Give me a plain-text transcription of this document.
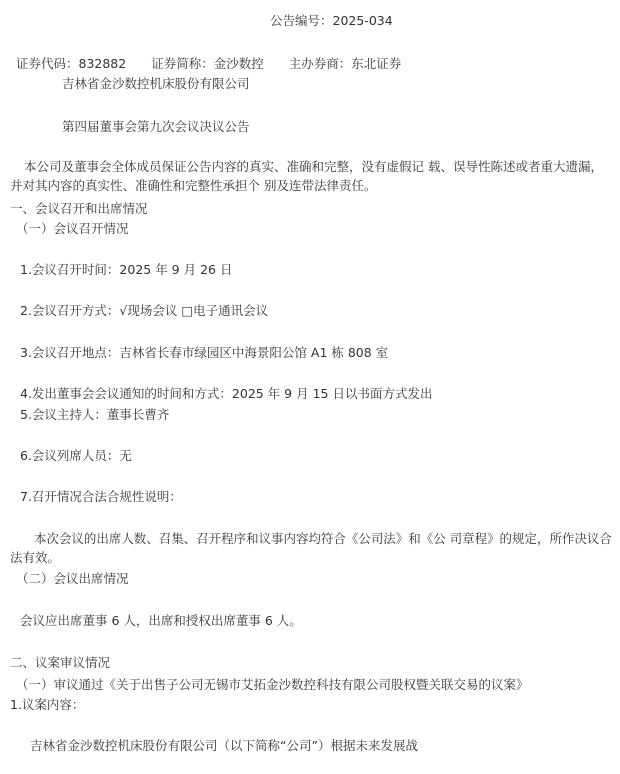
公告编号：2025-034
证券代码：832882　　证券简称：金沙数控　　主办券商：东北证券
吉林省金沙数控机床股份有限公司
第四届董事会第九次会议决议公告
本公司及董事会全体成员保证公告内容的真实、准确和完整，没有虚假记 载、误导性陈述或者重大遗漏，
并对其内容的真实性、准确性和完整性承担个 别及连带法律责任。
一、会议召开和出席情况
（一）会议召开情况
1.会议召开时间：2025 年 9 月 26 日
2.会议召开方式：√现场会议 □电子通讯会议
3.会议召开地点：吉林省长春市绿园区中海景阳公馆 A1 栋 808 室
4.发出董事会会议通知的时间和方式：2025 年 9 月 15 日以书面方式发出
5.会议主持人：董事长曹齐
6.会议列席人员：无
7.召开情况合法合规性说明：
本次会议的出席人数、召集、召开程序和议事内容均符合《公司法》和《公 司章程》的规定，所作决议合
法有效。
（二）会议出席情况
会议应出席董事 6 人，出席和授权出席董事 6 人。
二、议案审议情况
（一）审议通过《关于出售子公司无锡市艾拓金沙数控科技有限公司股权暨关联交易的议案》
1.议案内容：
吉林省金沙数控机床股份有限公司（以下简称“公司”）根据未来发展战
